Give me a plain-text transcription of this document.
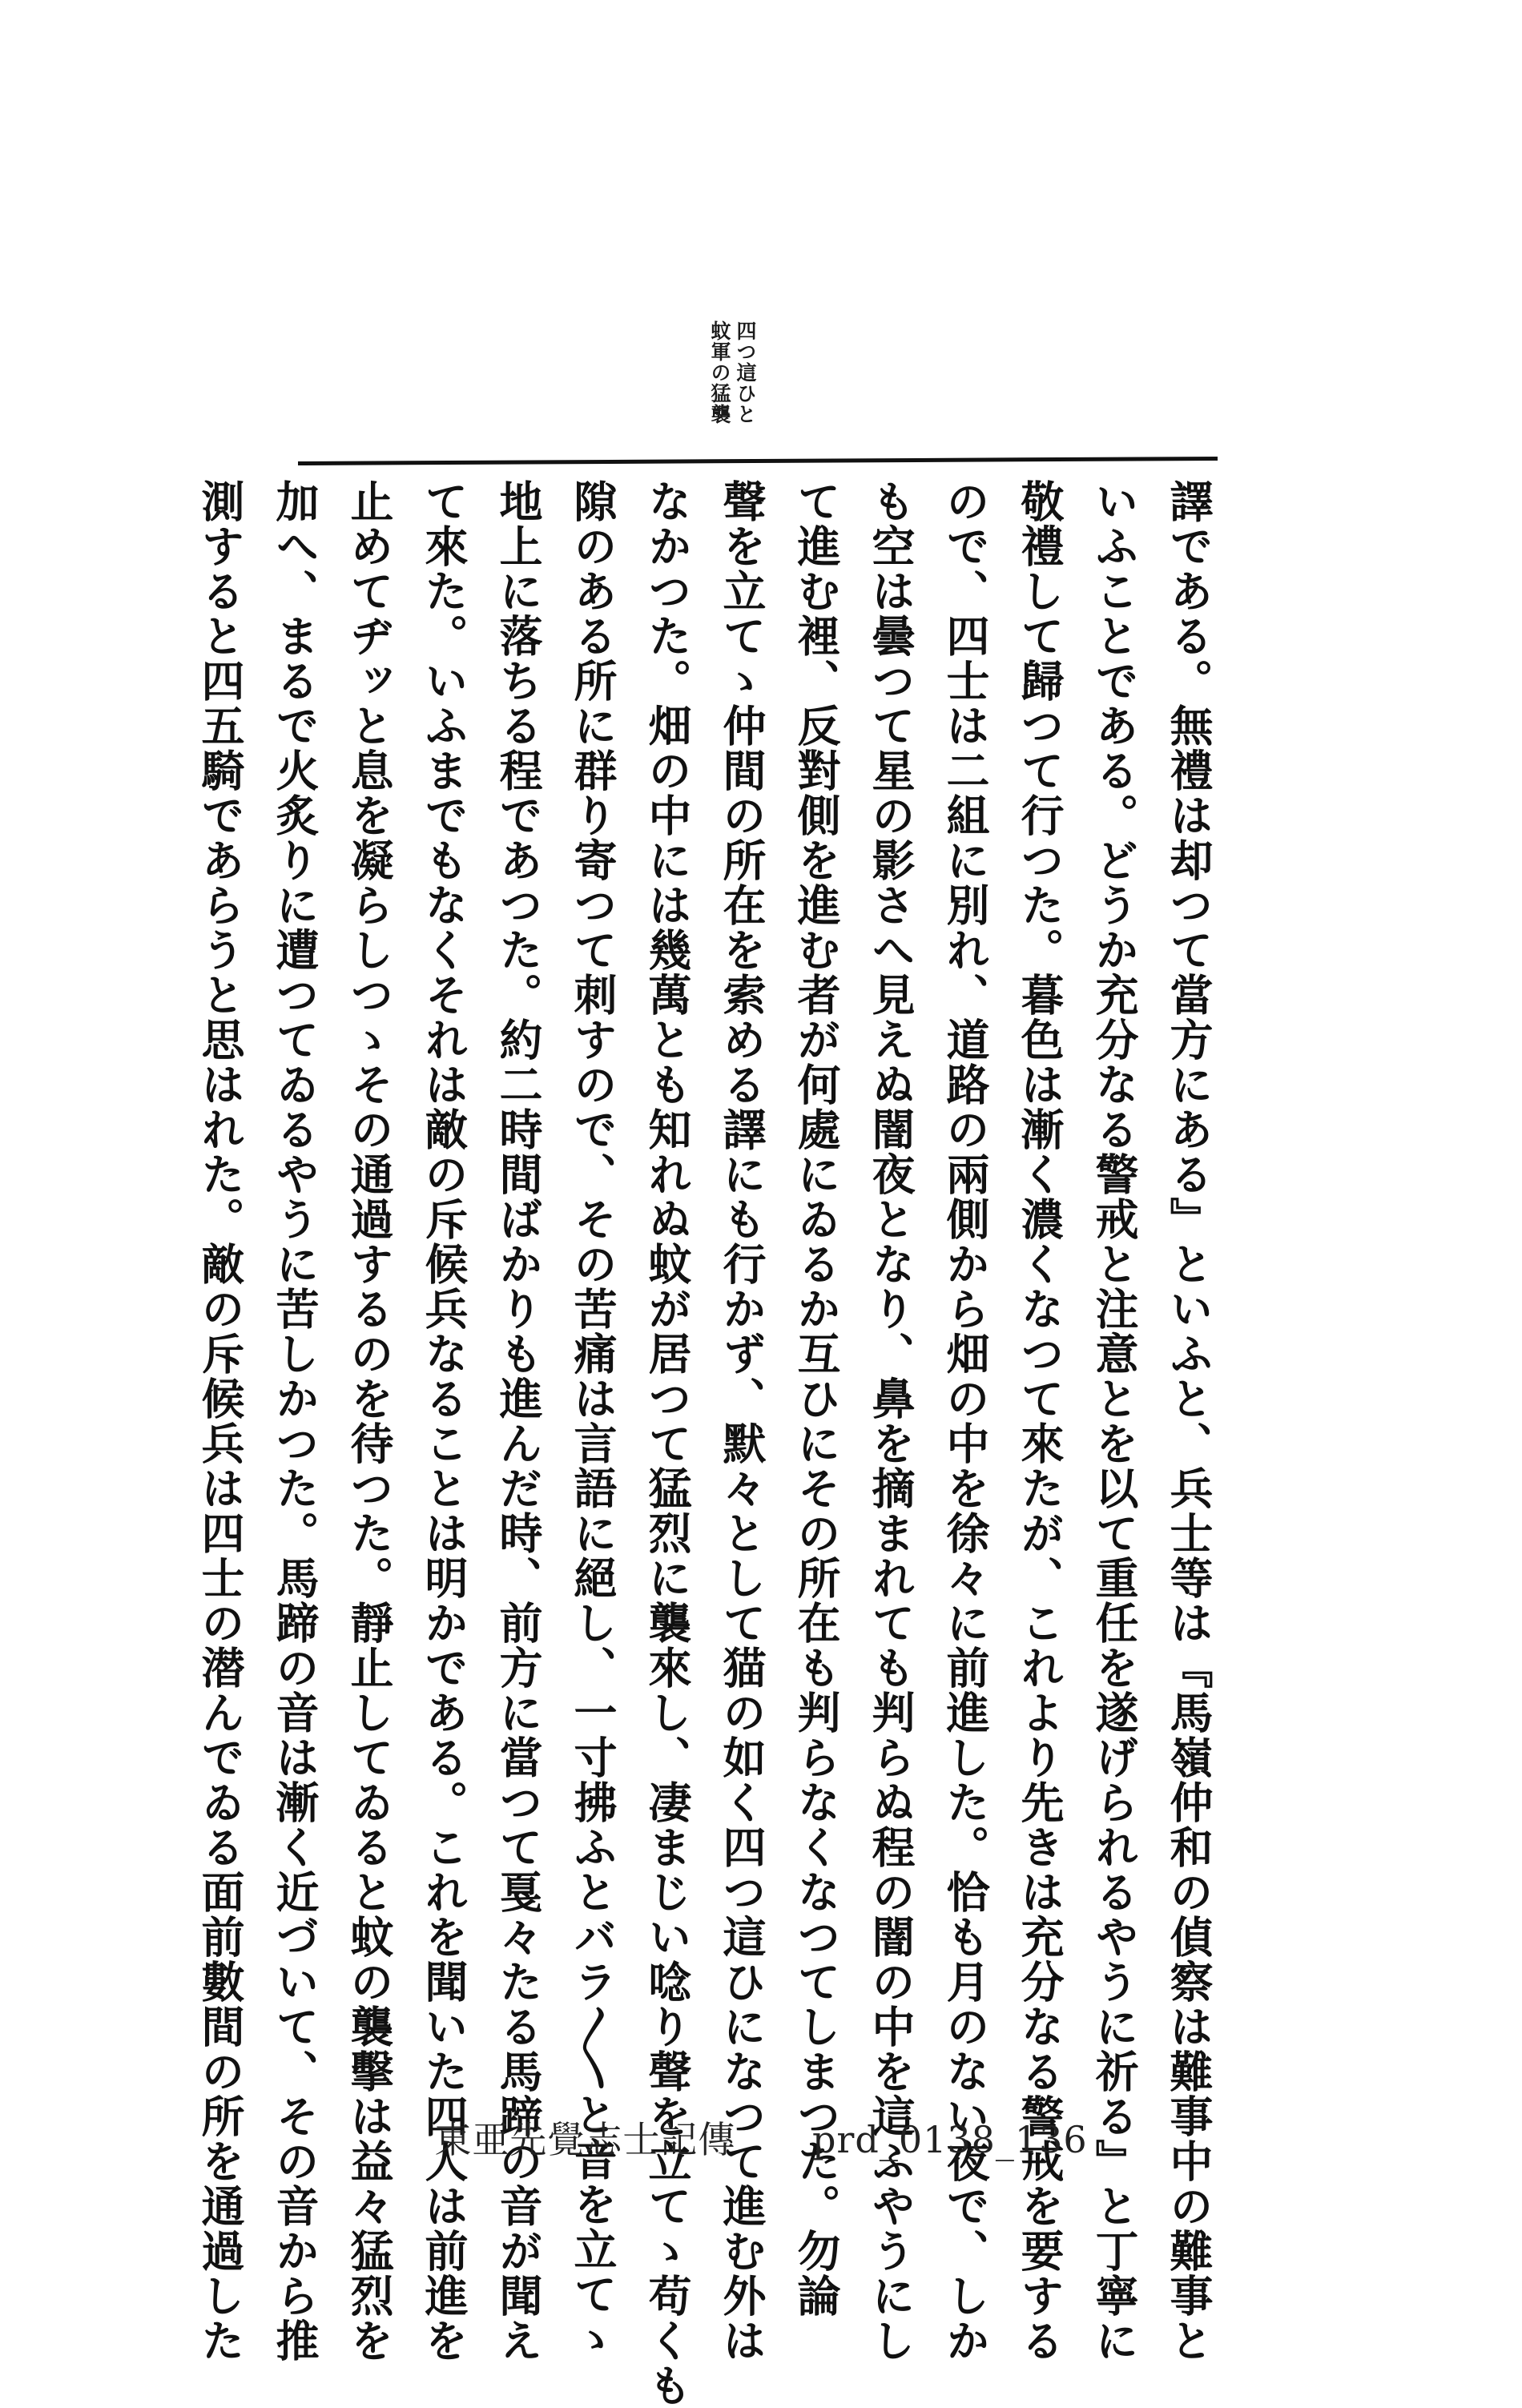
四つ這ひと蚊軍の猛襲
譯である。無禮は却つて當方にある』といふと、兵士等は『馬嶺仲和の偵察は難事中の難事と
いふことである。どうか充分なる警戒と注意とを以て重任を遂げられるやうに祈る』と丁寧に
敬禮して歸つて行つた。暮色は漸く濃くなつて來たが、これより先きは充分なる警戒を要する
ので、四士は二組に別れ、道路の兩側から畑の中を徐々に前進した。恰も月のない夜で、しか
も空は曇つて星の影さへ見えぬ闇夜となり、鼻を摘まれても判らぬ程の闇の中を這ふやうにし
て進む裡、反對側を進む者が何處にゐるか互ひにその所在も判らなくなつてしまつた。勿論
聲を立てゝ仲間の所在を索める譯にも行かず、默々として猫の如く四つ這ひになつて進む外は
なかつた。畑の中には幾萬とも知れぬ蚊が居つて猛烈に襲來し、凄まじい唸り聲を立てゝ苟くも
隙のある所に群り寄つて刺すので、その苦痛は言語に絕し、一寸拂ふとバラ〳〵と音を立てゝ
地上に落ちる程であつた。約二時間ばかりも進んだ時、前方に當つて戛々たる馬蹄の音が聞え
て來た。いふまでもなくそれは敵の斥候兵なることは明かである。これを聞いた四人は前進を
止めてヂッと息を凝らしつゝその通過するのを待つた。靜止してゐると蚊の襲擊は益々猛烈を
加へ、まるで火炙りに遭つてゐるやうに苦しかつた。馬蹄の音は漸く近づいて、その音から推
測すると四五騎であらうと思はれた。敵の斥候兵は四士の潜んでゐる面前數間の所を通過した	東亜先覺志士記傳 prd_0138_136
